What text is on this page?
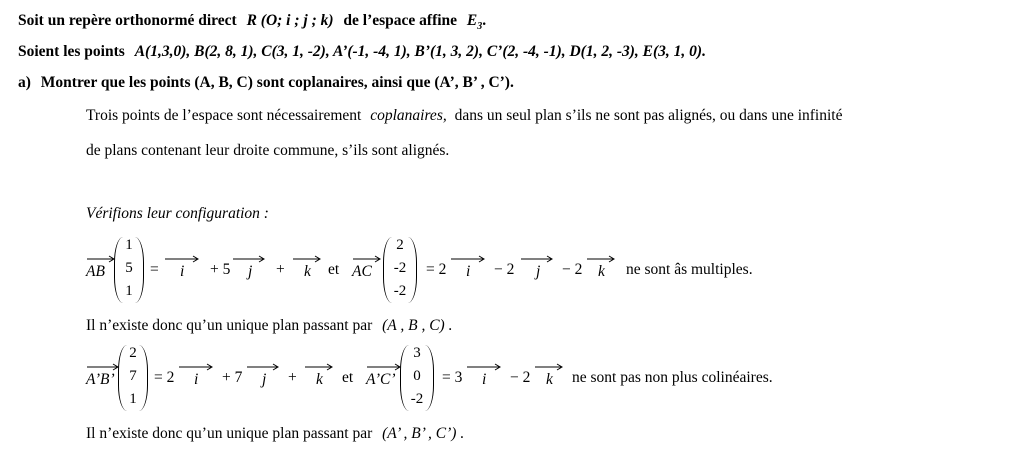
Soit un repère orthonormé direct R (O; i ; j ; k) de l’espace affine $E_3$.
Soient les points A(1,3,0), B(2, 8, 1), C(3, 1, -2), A’(-1, -4, 1), B’(1, 3, 2), C’(2, -4, -1), D(1, 2, -3), E(3, 1, 0).
a) Montrer que les points (A, B, C) sont coplanaires, ainsi que (A’, B’ , C’).
Trois points de l’espace sont nécessairement coplanaires, dans un seul plan s’ils ne sont pas alignés, ou dans une infinité
de plans contenant leur droite commune, s’ils sont alignés.
Vérifions leur configuration :
AB
1
5
1
= i + 5 j + k et AC
2
-2
-2
= 2 i − 2 j − 2 k ne sont âs multiples.
Il n’existe donc qu’un unique plan passant par (A , B , C) .
A’B’
2
7
1
= 2 i + 7 j + k et A’C’
3
0
-2
= 3 i − 2 k ne sont pas non plus colinéaires.
Il n’existe donc qu’un unique plan passant par (A’ , B’ , C’) .
